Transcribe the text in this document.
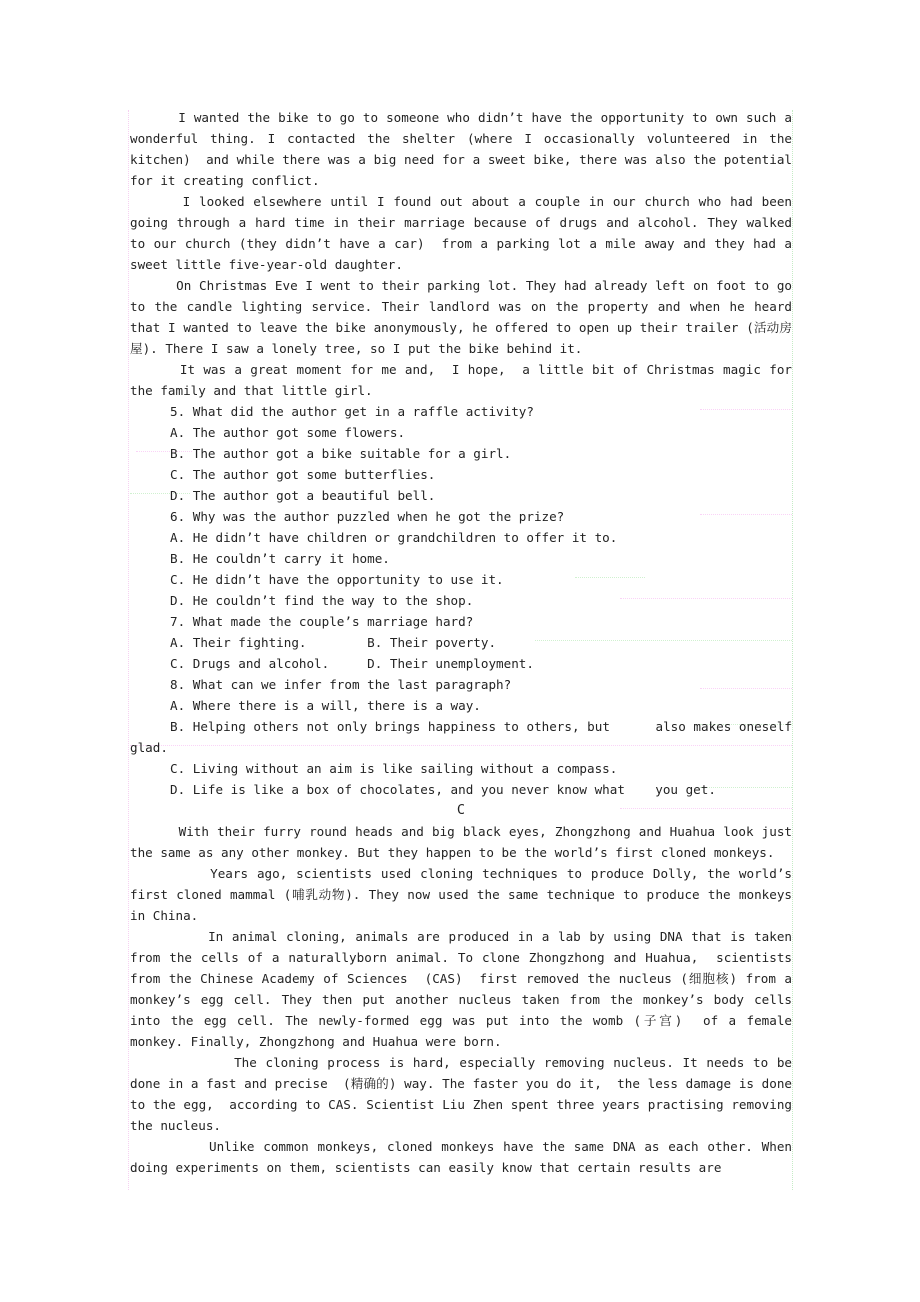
I wanted the bike to go to someone who didn’t have the opportunity to own such a wonderful thing. I contacted the shelter (where I occasionally volunteered in the kitchen)  and while there was a big need for a sweet bike, there was also the potential for it creating conflict.
I looked elsewhere until I found out about a couple in our church who had been going through a hard time in their marriage because of drugs and alcohol. They walked to our church (they didn’t have a car)  from a parking lot a mile away and they had a sweet little five-year-old daughter.
On Christmas Eve I went to their parking lot. They had already left on foot to go to the candle lighting service. Their landlord was on the property and when he heard that I wanted to leave the bike anonymously, he offered to open up their trailer (活动房屋). There I saw a lonely tree, so I put the bike behind it.
It was a great moment for me and,  I hope,  a little bit of Christmas magic for the family and that little girl.
5. What did the author get in a raffle activity?
A. The author got some flowers.
B. The author got a bike suitable for a girl.
C. The author got some butterflies.
D. The author got a beautiful bell.
6. Why was the author puzzled when he got the prize?
A. He didn’t have children or grandchildren to offer it to.
B. He couldn’t carry it home.
C. He didn’t have the opportunity to use it.
D. He couldn’t find the way to the shop.
7. What made the couple’s marriage hard?
A. Their fighting.        B. Their poverty.
C. Drugs and alcohol.     D. Their unemployment.
8. What can we infer from the last paragraph?
A. Where there is a will, there is a way.
B. Helping others not only brings happiness to others, but      also makes oneself glad.
C. Living without an aim is like sailing without a compass.
D. Life is like a box of chocolates, and you never know what    you get.
C
With their furry round heads and big black eyes, Zhongzhong and Huahua look just the same as any other monkey. But they happen to be the world’s first cloned monkeys.
Years ago, scientists used cloning techniques to produce Dolly, the world’s first cloned mammal (哺乳动物). They now used the same technique to produce the monkeys in China.
In animal cloning, animals are produced in a lab by using DNA that is taken from the cells of a naturallyborn animal. To clone Zhongzhong and Huahua,  scientists from the Chinese Academy of Sciences  (CAS)  first removed the nucleus (细胞核) from a monkey’s egg cell. They then put another nucleus taken from the monkey’s body cells into the egg cell. The newly-formed egg was put into the womb (子宫)  of a female monkey. Finally, Zhongzhong and Huahua were born.
The cloning process is hard, especially removing nucleus. It needs to be done in a fast and precise  (精确的) way. The faster you do it,  the less damage is done to the egg,  according to CAS. Scientist Liu Zhen spent three years practising removing the nucleus.
Unlike common monkeys, cloned monkeys have the same DNA as each other. When doing experiments on them, scientists can easily know that certain results are
